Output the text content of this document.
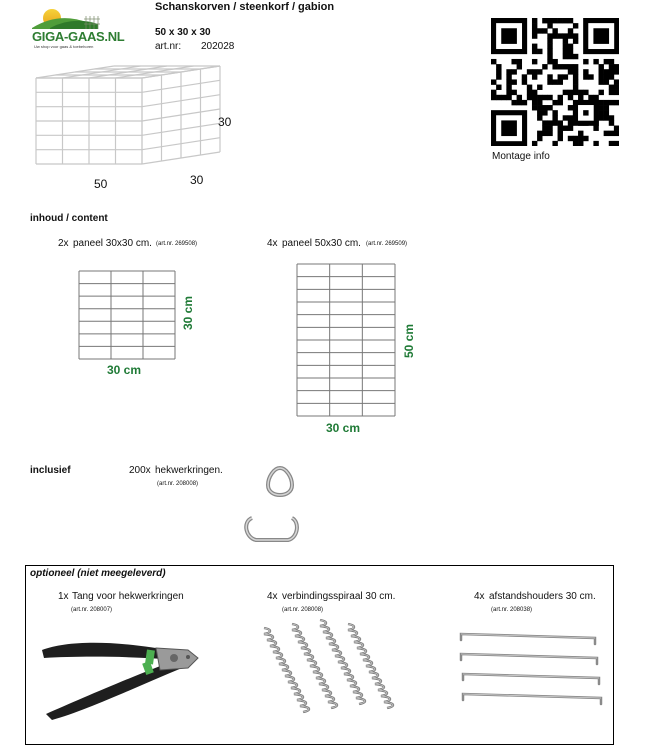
GIGA-GAAS.NL
Uw shop voor gaas & toebehoren
Schanskorven / steenkorf / gabion
50 x 30 x 30
art.nr: 202028
30
50	30
Montage info
inhoud / content
2x paneel 30x30 cm. (art.nr. 269508)	4x paneel 50x30 cm. (art.nr. 269509)
30 cm
30 cm
50 cm
30 cm
inclusief	200x hekwerkringen.
(art.nr. 208008)
optioneel (niet meegeleverd)
1x Tang voor hekwerkringen
(art.nr. 208007)
4x verbindingsspiraal 30 cm.
(art.nr. 208008)
4x afstandshouders 30 cm.
(art.nr. 208038)
